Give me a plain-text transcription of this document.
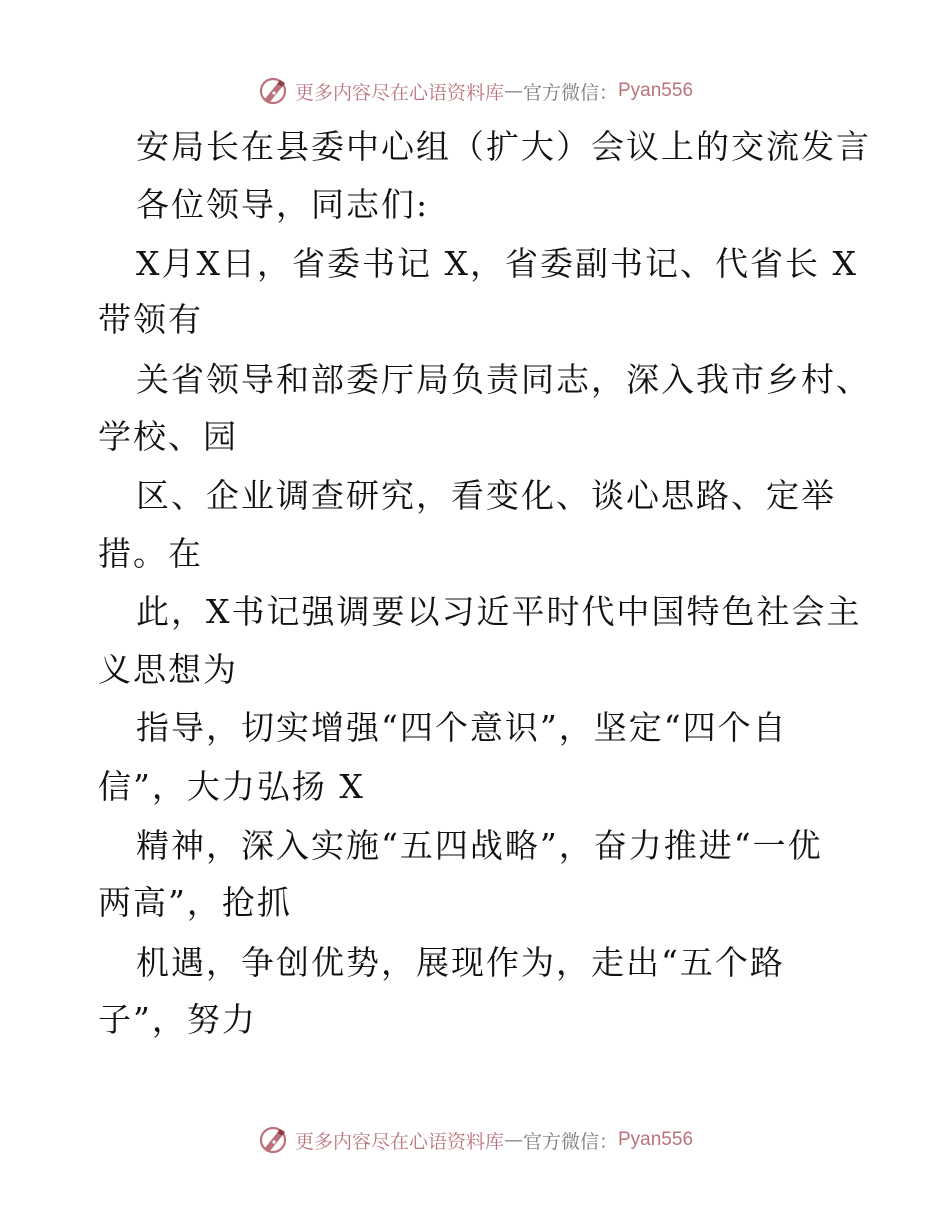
更多内容尽在心语资料库 — 官方微信： Pyan556
安局长在县委中心组（扩大）会议上的交流发言
各位领导，同志们:
X月X日，省委书记 X，省委副书记、代省长 X
带领有
关省领导和部委厅局负责同志，深入我市乡村、
学校、园
区、企业调查研究，看变化、谈心思路、定举
措。在
此，X书记强调要以习近平时代中国特色社会主
义思想为
指导，切实增强“四个意识”，坚定“四个自
信”，大力弘扬 X
精神，深入实施“五四战略”，奋力推进“一优
两高”，抢抓
机遇，争创优势，展现作为，走出“五个路
子”，努力
更多内容尽在心语资料库 — 官方微信： Pyan556
